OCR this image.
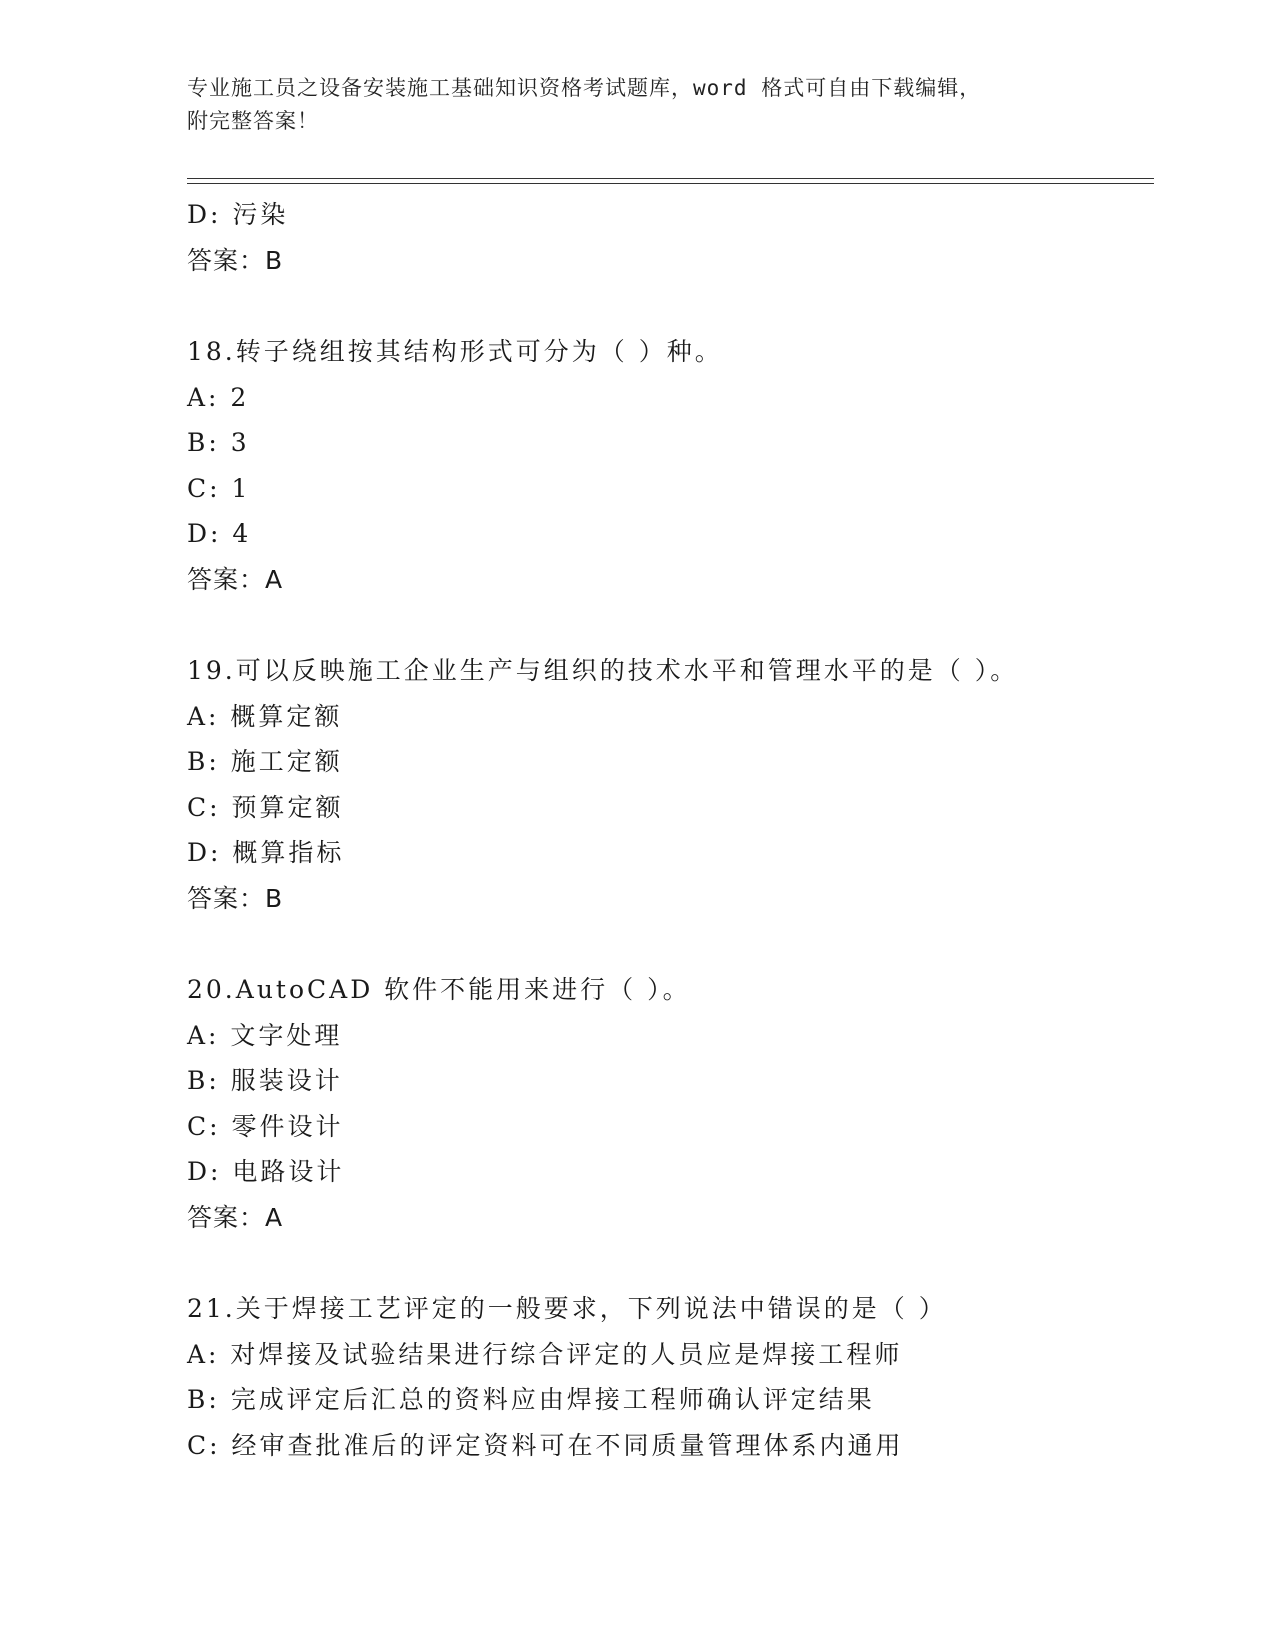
专业施工员之设备安装施工基础知识资格考试题库，word 格式可自由下载编辑，
附完整答案！
D: 污染
答案：B
18.转子绕组按其结构形式可分为（ ）种。
A: 2
B: 3
C: 1
D: 4
答案：A
19.可以反映施工企业生产与组织的技术水平和管理水平的是（ ）。
A: 概算定额
B: 施工定额
C: 预算定额
D: 概算指标
答案：B
20.AutoCAD 软件不能用来进行（ ）。
A: 文字处理
B: 服装设计
C: 零件设计
D: 电路设计
答案：A
21.关于焊接工艺评定的一般要求，下列说法中错误的是（ ）
A: 对焊接及试验结果进行综合评定的人员应是焊接工程师
B: 完成评定后汇总的资料应由焊接工程师确认评定结果
C: 经审查批准后的评定资料可在不同质量管理体系内通用
